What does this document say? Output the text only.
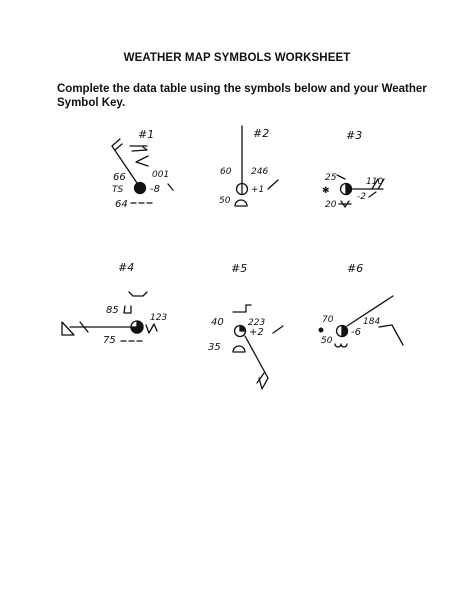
WEATHER MAP SYMBOLS WORKSHEET
Complete the data table using the symbols below and your Weather
Symbol Key.
#1
66	001
TS	-8
64
#2
60 246
+1
50
#3
25	110
✱
-2
20
#4
85
123
75
#5
40	223
+2
35
#6
70	184
-6
50
